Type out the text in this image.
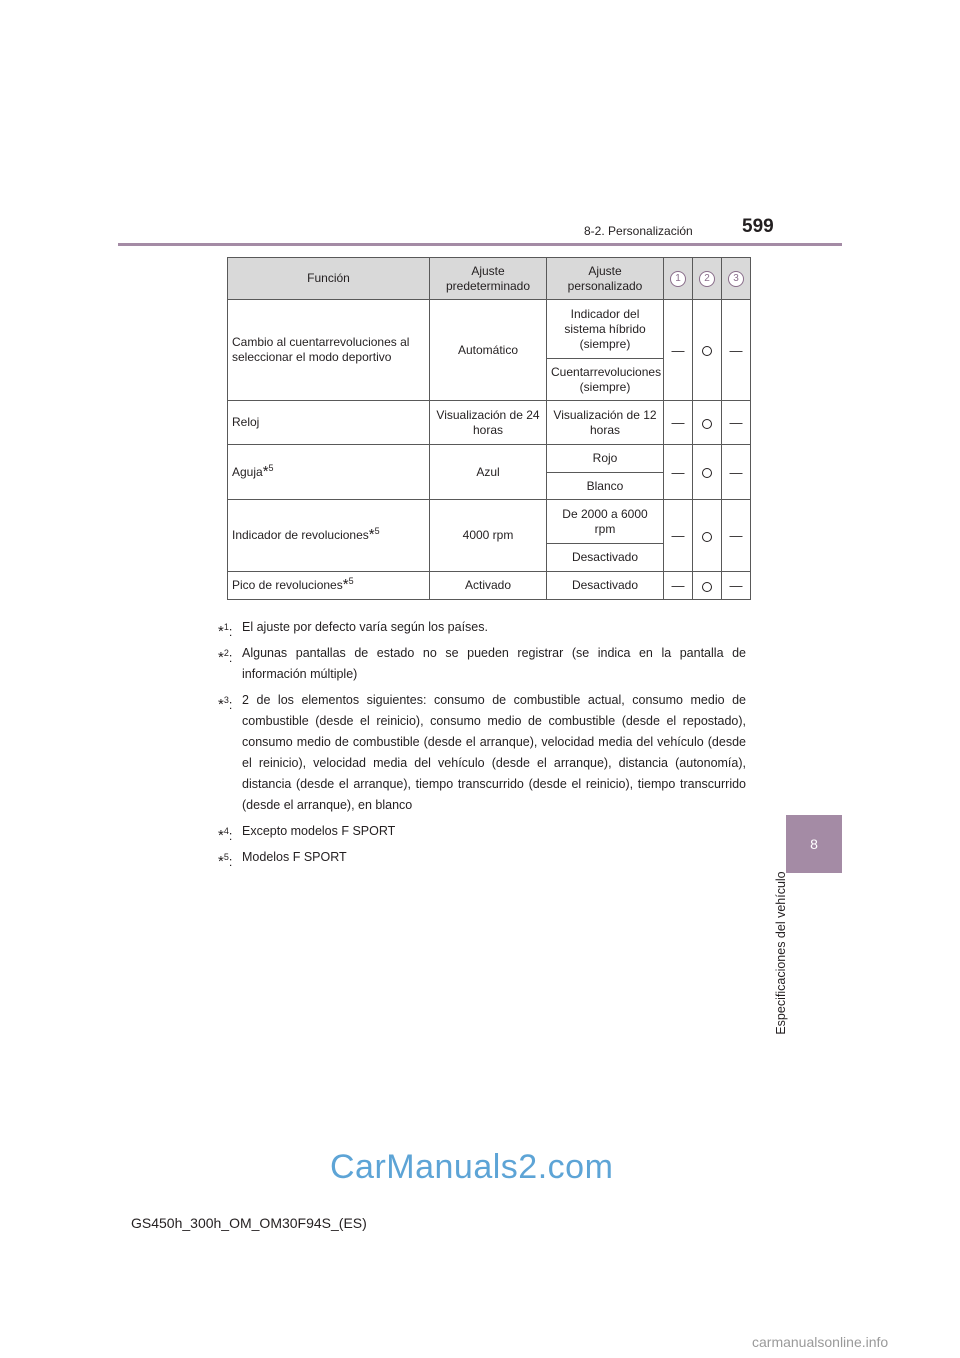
8-2. Personalización	599
8
Especificaciones del vehículo
Función	Ajuste predeterminado	Ajuste personalizado	1	2	3
Cambio al cuentarrevoluciones al seleccionar el modo deportivo	Automático	Indicador del sistema híbrido (siempre)	—		—
		Cuentarrevoluciones (siempre)			
Reloj	Visualización de 24 horas	Visualización de 12 horas	—		—
Aguja*$^5$	Azul	Rojo	—		—
		Blanco			
Indicador de revoluciones*$^5$	4000 rpm	De 2000 a 6000 rpm	—		—
		Desactivado			
Pico de revoluciones*$^5$	Activado	Desactivado	—		—
*$^1$: El ajuste por defecto varía según los países.
*$^2$: Algunas pantallas de estado no se pueden registrar (se indica en la pantalla de información múltiple)
*$^3$: 2 de los elementos siguientes: consumo de combustible actual, consumo medio de combustible (desde el reinicio), consumo medio de combustible (desde el repostado), consumo medio de combustible (desde el arranque), velocidad media del vehículo (desde el reinicio), velocidad media del vehículo (desde el arranque), distancia (autonomía), distancia (desde el arranque), tiempo transcurrido (desde el reinicio), tiempo transcurrido (desde el arranque), en blanco
*$^4$: Excepto modelos F SPORT
*$^5$: Modelos F SPORT
CarManuals2.com
GS450h_300h_OM_OM30F94S_(ES)
carmanualsonline.info
